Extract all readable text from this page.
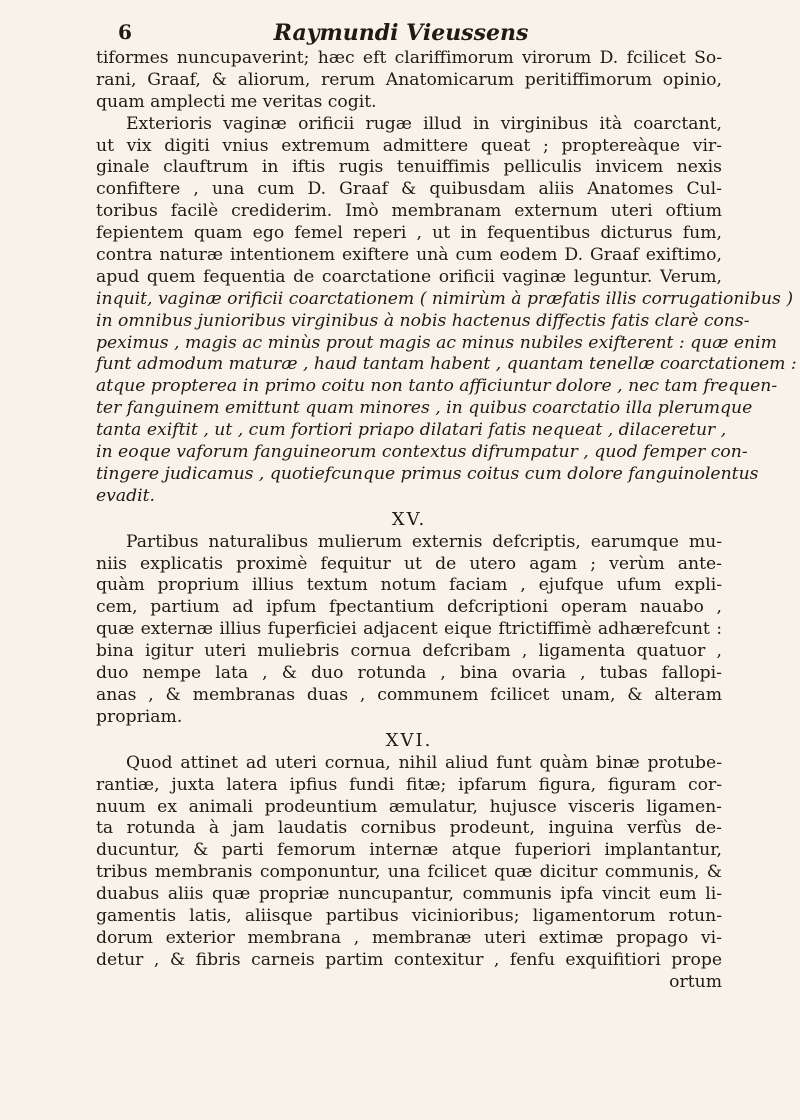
6	Raymundi Vieussens
tiformes nuncupaverint; hæc eft clariffimorum virorum D. fcilicet So-
rani, Graaf, & aliorum, rerum Anatomicarum peritiffimorum opinio,
quam amplecti me veritas cogit.
Exterioris vaginæ orificii rugæ illud in virginibus ità coarctant,
ut vix digiti vnius extremum admittere queat ; proptereàque vir-
ginale clauftrum in iftis rugis tenuiffimis pelliculis invicem nexis
confiftere , una cum D. Graaf & quibusdam aliis Anatomes Cul-
toribus facilè crediderim. Imò membranam externum uteri oftium
fepientem quam ego femel reperi , ut in fequentibus dicturus fum,
contra naturæ intentionem exiftere unà cum eodem D. Graaf exiftimo,
apud quem fequentia de coarctatione orificii vaginæ leguntur. Verum,
inquit, vaginæ orificii coarctationem ( nimirùm à præfatis illis corrugationibus )
in omnibus junioribus virginibus à nobis hactenus diffectis fatis clarè cons-
peximus , magis ac minùs prout magis ac minus nubiles exifterent : quæ enim
funt admodum maturæ , haud tantam habent , quantam tenellæ coarctationem :
atque propterea in primo coitu non tanto afficiuntur dolore , nec tam frequen-
ter fanguinem emittunt quam minores , in quibus coarctatio illa plerumque
tanta exiftit , ut , cum fortiori priapo dilatari fatis nequeat , dilaceretur ,
in eoque vaforum fanguineorum contextus difrumpatur , quod femper con-
tingere judicamus , quotiefcunque primus coitus cum dolore fanguinolentus
evadit.
XV.
Partibus naturalibus mulierum externis defcriptis, earumque mu-
niis explicatis proximè fequitur ut de utero agam ; verùm ante-
quàm proprium illius textum notum faciam , ejufque ufum expli-
cem, partium ad ipfum fpectantium defcriptioni operam nauabo ,
quæ externæ illius fuperficiei adjacent eique ftrictiffimè adhærefcunt :
bina igitur uteri muliebris cornua defcribam , ligamenta quatuor ,
duo nempe lata , & duo rotunda , bina ovaria , tubas fallopi-
anas , & membranas duas , communem fcilicet unam, & alteram
propriam.
XVI.
Quod attinet ad uteri cornua, nihil aliud funt quàm binæ protube-
rantiæ, juxta latera ipfius fundi fitæ; ipfarum figura, figuram cor-
nuum ex animali prodeuntium æmulatur, hujusce visceris ligamen-
ta rotunda à jam laudatis cornibus prodeunt, inguina verfùs de-
ducuntur, & parti femorum internæ atque fuperiori implantantur,
tribus membranis componuntur, una fcilicet quæ dicitur communis, &
duabus aliis quæ propriæ nuncupantur, communis ipfa vincit eum li-
gamentis latis, aliisque partibus vicinioribus; ligamentorum rotun-
dorum exterior membrana , membranæ uteri extimæ propago vi-
detur , & fibris carneis partim contexitur , fenfu exquifitiori prope
ortum
